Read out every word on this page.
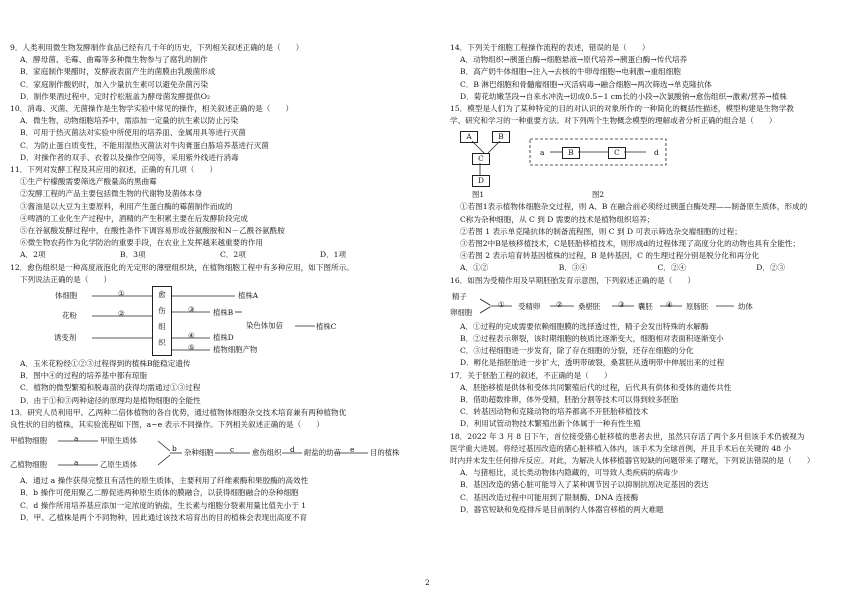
9．人类利用微生物发酵制作食品已经有几千年的历史，下列相关叙述正确的是（　　）
A．酵母菌、毛霉、曲霉等多种微生物参与了腐乳的制作
B．家庭制作果醋时，发酵液表面产生的菌膜由乳酸菌形成
C．家庭制作酸奶时，加入少量抗生素可以避免杂菌污染
D．制作果酒过程中，定时拧松瓶盖为酵母菌发酵提供O₂
10．消毒、灭菌、无菌操作是生物学实验中常见的操作，相关叙述正确的是（　　）
A．微生物、动物细胞培养中，需添加一定量的抗生素以防止污染
B．可用于热灭菌法对实验中所使用的培养皿、金属用具等进行灭菌
C．为防止蛋白质变性，不能用湿热灭菌法对牛肉膏蛋白胨培养基进行灭菌
D．对操作者的双手、衣着以及操作空间等，采用紫外线进行消毒
11．下列对发酵工程及其应用的叙述，正确的有几项（　　）
①生产柠檬酸需要筛选产酸量高的黑曲霉
②发酵工程的产品主要包括微生物的代谢物及菌体本身
③酱油是以大豆为主要原料，利用产生蛋白酶的霉菌制作而成的
④啤酒的工业化生产过程中，酒精的产生积累主要在后发酵阶段完成
⑤在谷氨酸发酵过程中，在酸性条件下调容易形成谷氨酸胺和N－乙酰谷氨酰胺
⑥微生物农药作为化学防治的重要手段，在农业上发挥越来越重要的作用
A．2项	B．3项	C．2项	D．1项
12．愈伤组织是一种高度液泡化的无定形的薄壁组织块，在植物细胞工程中有多种应用，如下图所示。
下列说法正确的是（　　）
体细胞
花粉
诱变剂
①
②	③
④
⑤
愈
伤
组
织
植株A
植株B
染色体加倍	植株C
植株D
植物细胞产物
A．玉米花粉经①②③过程得到的植株B能稳定遗传
B．图中④的过程的培养基中都有琼脂
C．植物的微型繁殖和脱毒苗的获得均需通过①③过程
D．由于①和③两种途径的原理均是植物细胞的全能性
13．研究人员利用甲、乙两种二倍体植物的各自优势，通过植物体细胞杂交技术培育兼有两种植物优
良性状的目的植株，其实验流程如下图，a~e 表示不同操作。下列相关叙述正确的是（　　）
甲植物细胞
乙植物细胞
a
a
甲原生质体
乙原生质体
b 杂种细胞 c 愈伤组织 d 耐盐的幼苗 e 目的植株
A．通过 a 操作获得完整且有活性的原生质体，主要利用了纤维素酶和果胶酶的高效性
B．b 操作可使用聚乙二醇促进两种原生质体的膜融合，以获得细胞融合的杂种细胞
C．d 操作所用培养基应添加一定浓度的钠盐，生长素与细胞分裂素用量比值先小于 1
D．甲、乙植株是两个不同物种，因此通过该技术培育出的目的植株会表现出高度不育
14．下列关于细胞工程操作流程的表述，错误的是（　　）
A．动物组织→胰蛋白酶→细胞悬液→原代培养→胰蛋白酶→传代培养
B．高产奶牛体细胞→注入→去核的牛卵母细胞→电刺激→重组细胞
C．B 淋巴细胞和骨髓瘤细胞→灭活病毒→融合细胞→两次筛选→单克隆抗体
D．菊花幼嫩茎段→自来水冲洗→切成0.5~1 cm长的小段→次氯酸钠→愈伤组织→激素/营养→植株
15．模型是人们为了某种特定的目的对认识的对象所作的一种简化的概括性描述，模型构建是生物学教
学、研究和学习的一种重要方法。对下列两个生物概念模型的理解或者分析正确的组合是（　　）
A	B
C
D
图1
a	B	C	d
图2
①若图1表示植物体细胞杂交过程，则 A、B 在融合前必须经过胰蛋白酶处理——制备原生质体，形成的
C称为杂种细胞，从 C 到 D 需要的技术是植物组织培养；
②若图 1 表示单克隆抗体的制备流程图，则 C 到 D 可表示筛选杂交瘤细胞的过程；
③若图2中B是核移植技术，C是胚胎移植技术，则形成d的过程体现了高度分化的动物也具有全能性；
④若图 2 表示培育转基因植株的过程，B 是转基因，C 的生理过程分别是脱分化和再分化
A．①②	B．③④	C．②④	D．②③
16．如图为受精作用及早期胚胎发育示意图，下列叙述正确的是（　　）
精子
卵细胞
① 受精卵 ② 桑椹胚 ③ 囊胚 ④ 原肠胚	幼体
A．①过程的完成需要依赖细胞膜的选择透过性，精子会发出特殊的水解酶
B．②过程表示卵裂，该时期细胞的核质比逐渐变大，细胞相对表面积逐渐变小
C．③过程细胞进一步发育，除了存在细胞的分裂，还存在细胞的分化
D．孵化是指胚胎进一步扩大，透明带破裂，桑葚胚从透明带中伸展出来的过程
17．关于胚胎工程的叙述，不正确的是（　　）
A．胚胎移植是供体和受体共同繁殖后代的过程，后代具有供体和受体的遗传共性
B．借助超数排卵，体外受精，胚胎分割等技术可以得到较多胚胎
C．转基因动物和克隆动物的培养都离不开胚胎移植技术
D．利用试管动物技术繁殖出新个体属于一种有性生殖
18．2022 年 3 月 8 日下午，首位接受猪心脏移植的患者去世，虽然只存活了两个多月但该手术仍被视为
医学重大进展。将经过基因改造的猪心脏移植入体内，该手术为全球首例，并且手术后在关键的 48 小
时内并未发生任何排斥反应。对此，为解决人体移植器官短缺的问题带来了曙光，下列说法错误的是（　　）
A．与猪相比，灵长类动物体内隐藏的，可导致人类疾病的病毒少
B．基因改造的猪心脏可能导入了某种调节因子以抑制抗原决定基因的表达
C．基因改造过程中可能用到了限制酶、DNA 连接酶
D．器官短缺和免疫排斥是目前制约人体器官移植的两大难题
2
